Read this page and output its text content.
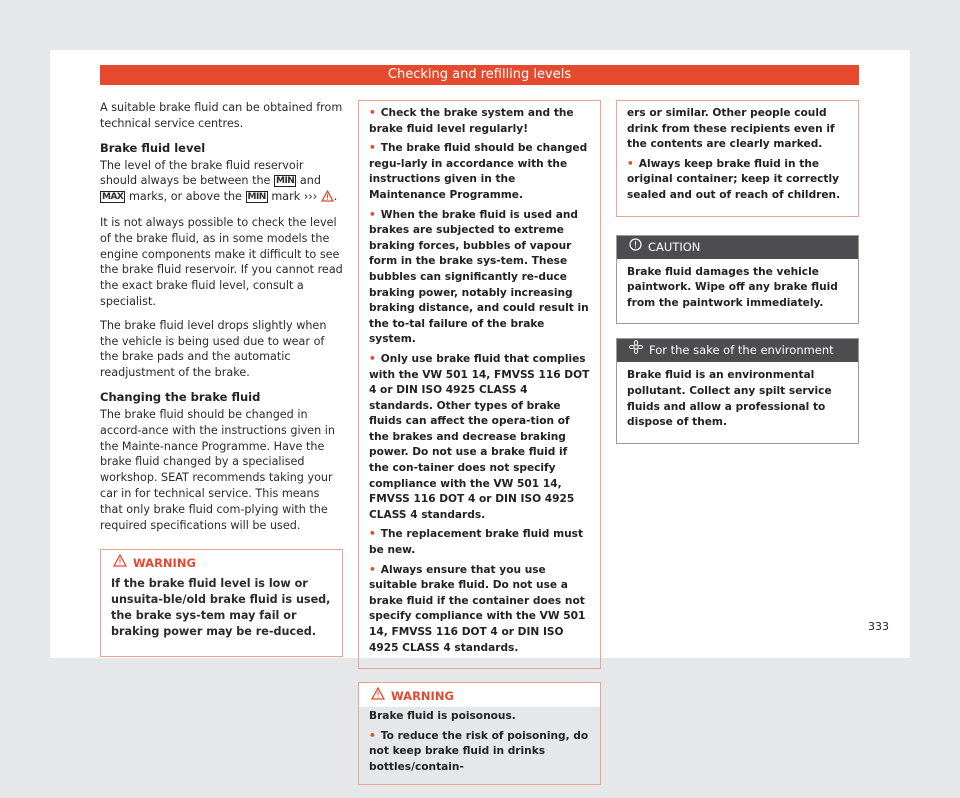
Checking and refilling levels

A suitable brake fluid can be obtained from technical service centres.

Brake fluid level

The level of the brake fluid reservoir should always be between the MIN and MAX marks, or above the MIN mark ››› .

It is not always possible to check the level of the brake fluid, as in some models the engine components make it difficult to see the brake fluid reservoir. If you cannot read the exact brake fluid level, consult a specialist.

The brake fluid level drops slightly when the vehicle is being used due to wear of the brake pads and the automatic readjustment of the brake.

Changing the brake fluid

The brake fluid should be changed in accord-ance with the instructions given in the Mainte-nance Programme. Have the brake fluid changed by a specialised workshop. SEAT recommends taking your car in for technical service. This means that only brake fluid com-plying with the required specifications will be used.

WARNING

If the brake fluid level is low or unsuita-ble/old brake fluid is used, the brake sys-tem may fail or braking power may be re-duced.

• Check the brake system and the brake fluid level regularly!
• The brake fluid should be changed regu-larly in accordance with the instructions given in the Maintenance Programme.
• When the brake fluid is used and brakes are subjected to extreme braking forces, bubbles of vapour form in the brake sys-tem. These bubbles can significantly re-duce braking power, notably increasing braking distance, and could result in the to-tal failure of the brake system.
• Only use brake fluid that complies with the VW 501 14, FMVSS 116 DOT 4 or DIN ISO 4925 CLASS 4 standards. Other types of brake fluids can affect the opera-tion of the brakes and decrease braking power. Do not use a brake fluid if the con-tainer does not specify compliance with the VW 501 14, FMVSS 116 DOT 4 or DIN ISO 4925 CLASS 4 standards.
• The replacement brake fluid must be new.
• Always ensure that you use suitable brake fluid. Do not use a brake fluid if the container does not specify compliance with the VW 501 14, FMVSS 116 DOT 4 or DIN ISO 4925 CLASS 4 standards.
WARNING

Brake fluid is poisonous.

• To reduce the risk of poisoning, do not keep brake fluid in drinks bottles/contain-

ers or similar. Other people could drink from these recipients even if the contents are clearly marked.

• Always keep brake fluid in the original container; keep it correctly sealed and out of reach of children.
CAUTION

Brake fluid damages the vehicle paintwork. Wipe off any brake fluid from the paintwork immediately.

For the sake of the environment

Brake fluid is an environmental pollutant. Collect any spilt service fluids and allow a professional to dispose of them.

333
